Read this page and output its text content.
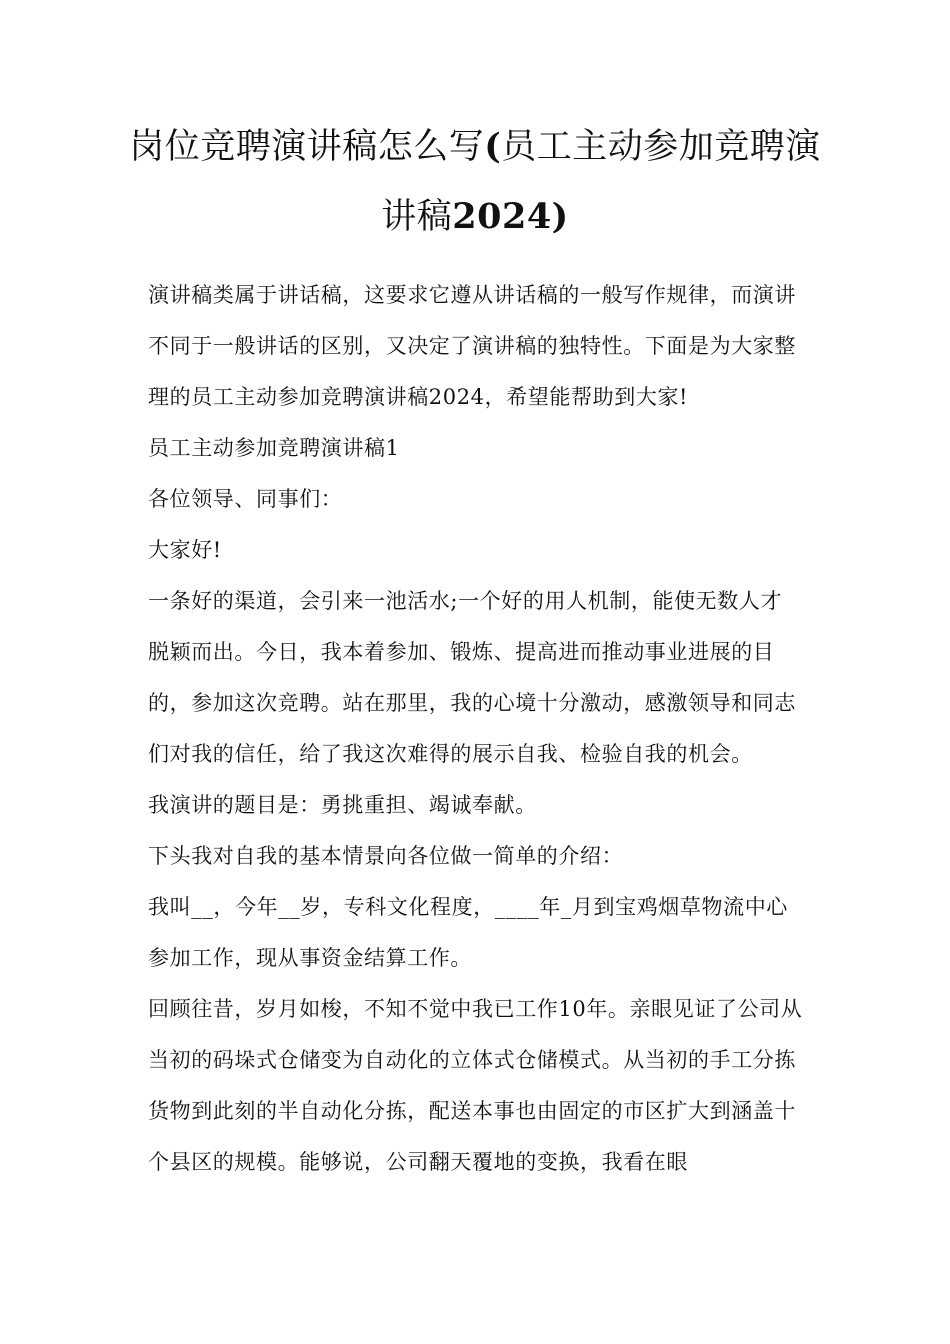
岗位竞聘演讲稿怎么写(员工主动参加竞聘演
讲稿2024)

演讲稿类属于讲话稿，这要求它遵从讲话稿的一般写作规律，而演讲不同于一般讲话的区别，又决定了演讲稿的独特性。下面是为大家整理的员工主动参加竞聘演讲稿2024，希望能帮助到大家!

员工主动参加竞聘演讲稿1

各位领导、同事们：

大家好!

一条好的渠道，会引来一池活水;一个好的用人机制，能使无数人才脱颖而出。今日，我本着参加、锻炼、提高进而推动事业进展的目的，参加这次竞聘。站在那里，我的心境十分激动，感激领导和同志们对我的信任，给了我这次难得的展示自我、检验自我的机会。

我演讲的题目是：勇挑重担、竭诚奉献。

下头我对自我的基本情景向各位做一简单的介绍：

我叫__，今年__岁，专科文化程度，____年_月到宝鸡烟草物流中心参加工作，现从事资金结算工作。

回顾往昔，岁月如梭，不知不觉中我已工作10年。亲眼见证了公司从当初的码垛式仓储变为自动化的立体式仓储模式。从当初的手工分拣货物到此刻的半自动化分拣，配送本事也由固定的市区扩大到涵盖十个县区的规模。能够说，公司翻天覆地的变换，我看在眼
